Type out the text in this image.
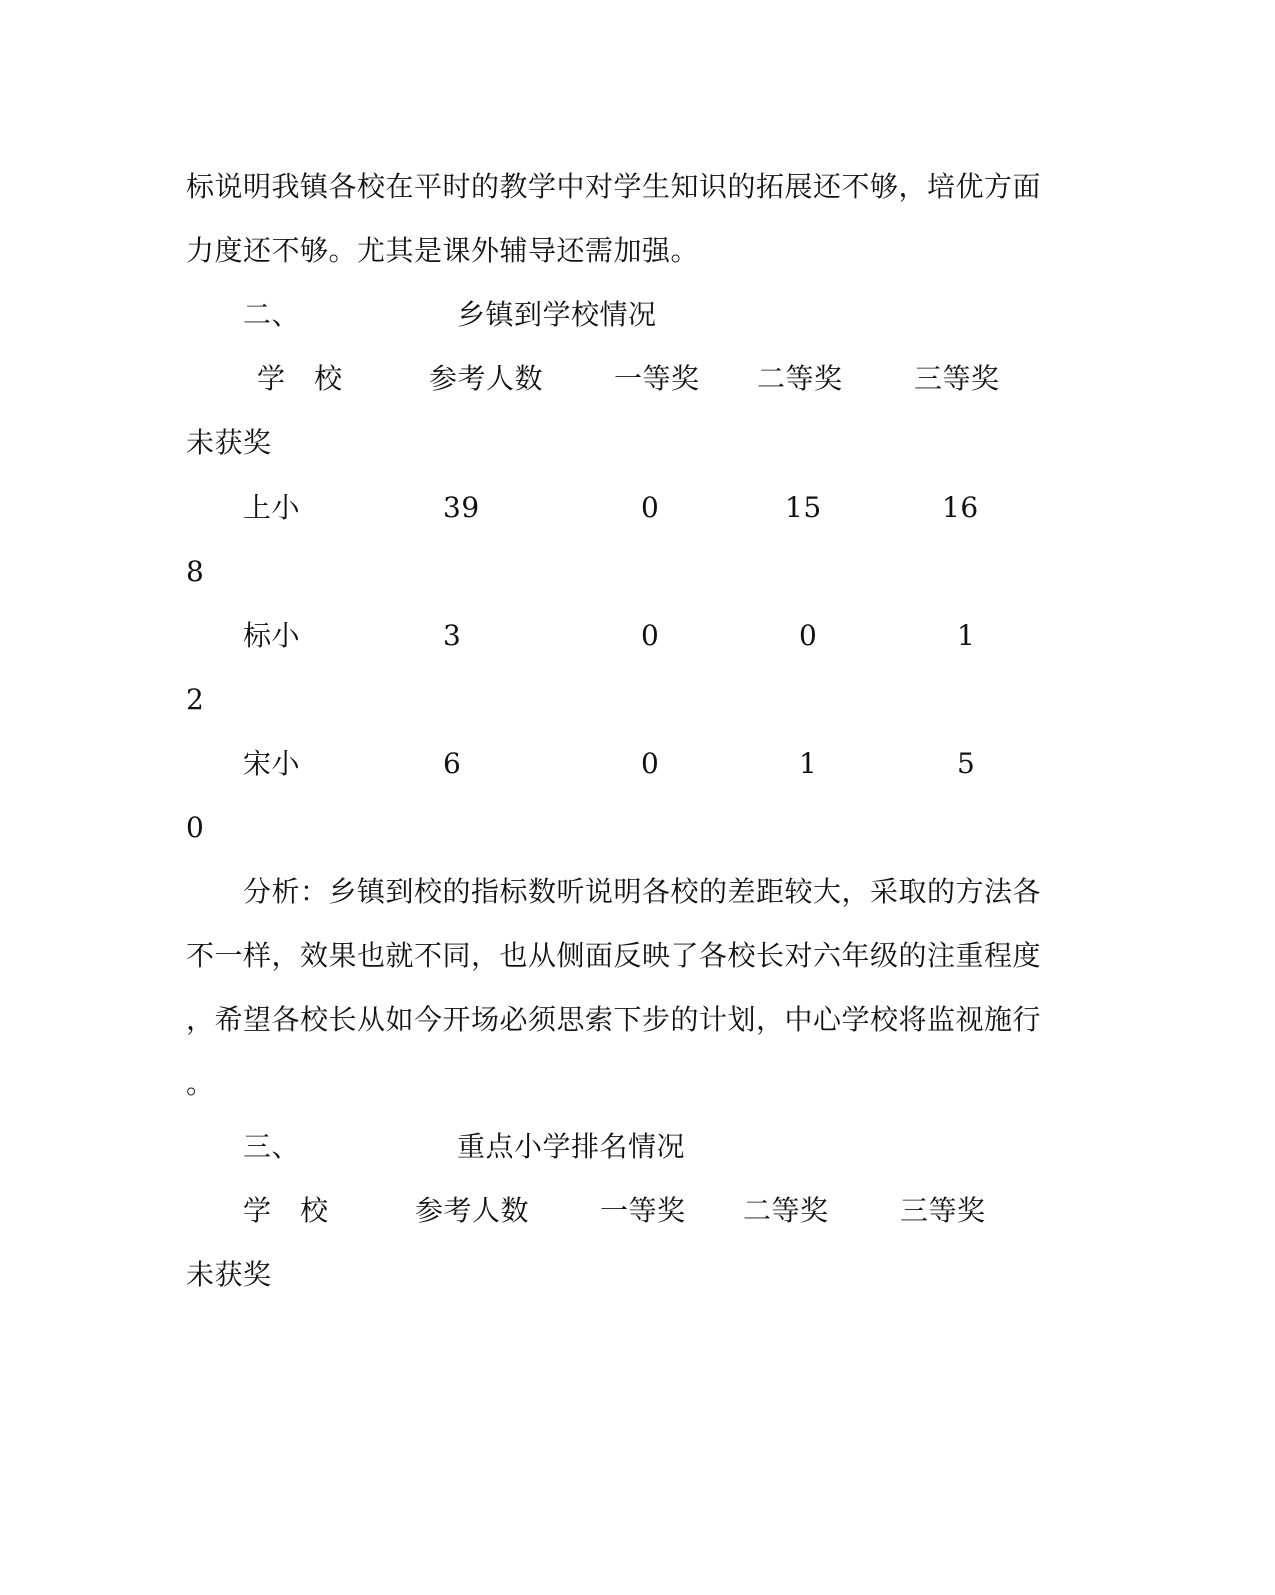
标说明我镇各校在平时的教学中对学生知识的拓展还不够，培优方面
力度还不够。尤其是课外辅导还需加强。
二、	乡镇到学校情况
学　校	参考人数	一等奖 二等奖	三等奖
未获奖
上小	39	0	15	16
8
标小	3	0	0	1
2
宋小	6	0	1	5
0
分析：乡镇到校的指标数听说明各校的差距较大，采取的方法各
不一样，效果也就不同，也从侧面反映了各校长对六年级的注重程度
，希望各校长从如今开场必须思索下步的计划，中心学校将监视施行
。
三、	重点小学排名情况
学　校	参考人数	一等奖 二等奖	三等奖
未获奖
